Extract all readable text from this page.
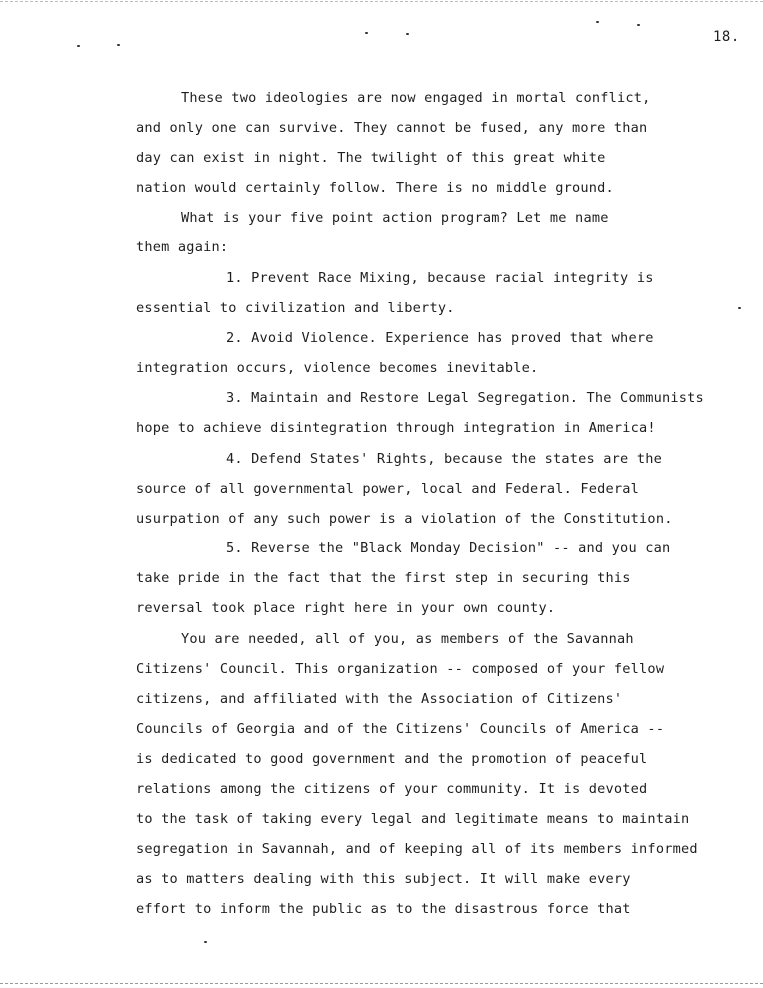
18.
These two ideologies are now engaged in mortal conflict,
and only one can survive. They cannot be fused, any more than
day can exist in night. The twilight of this great white
nation would certainly follow. There is no middle ground.
What is your five point action program? Let me name
them again:
1. Prevent Race Mixing, because racial integrity is
essential to civilization and liberty.
2. Avoid Violence. Experience has proved that where
integration occurs, violence becomes inevitable.
3. Maintain and Restore Legal Segregation. The Communists
hope to achieve disintegration through integration in America!
4. Defend States' Rights, because the states are the
source of all governmental power, local and Federal. Federal
usurpation of any such power is a violation of the Constitution.
5. Reverse the "Black Monday Decision" -- and you can
take pride in the fact that the first step in securing this
reversal took place right here in your own county.
You are needed, all of you, as members of the Savannah
Citizens' Council. This organization -- composed of your fellow
citizens, and affiliated with the Association of Citizens'
Councils of Georgia and of the Citizens' Councils of America --
is dedicated to good government and the promotion of peaceful
relations among the citizens of your community. It is devoted
to the task of taking every legal and legitimate means to maintain
segregation in Savannah, and of keeping all of its members informed
as to matters dealing with this subject. It will make every
effort to inform the public as to the disastrous force that
